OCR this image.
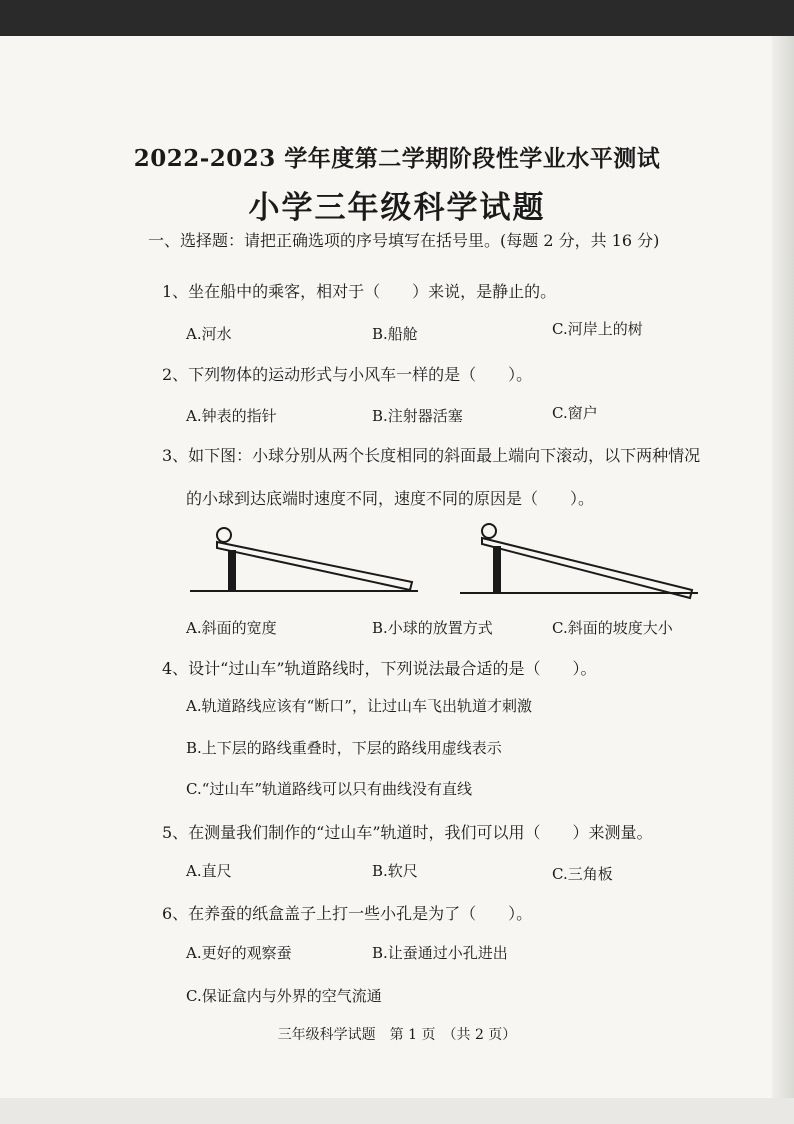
2022-2023 学年度第二学期阶段性学业水平测试
小学三年级科学试题
一、选择题：请把正确选项的序号填写在括号里。(每题 2 分，共 16 分)
1、坐在船中的乘客，相对于（　　）来说，是静止的。
A.河水	B.船舱	C.河岸上的树
2、下列物体的运动形式与小风车一样的是（　　）。
A.钟表的指针	B.注射器活塞	C.窗户
3、如下图：小球分别从两个长度相同的斜面最上端向下滚动，以下两种情况
的小球到达底端时速度不同，速度不同的原因是（　　）。
A.斜面的宽度	B.小球的放置方式	C.斜面的坡度大小
4、设计“过山车”轨道路线时，下列说法最合适的是（　　）。
A.轨道路线应该有“断口”，让过山车飞出轨道才刺激
B.上下层的路线重叠时，下层的路线用虚线表示
C.“过山车”轨道路线可以只有曲线没有直线
5、在测量我们制作的“过山车”轨道时，我们可以用（　　）来测量。
A.直尺	B.软尺	C.三角板
6、在养蚕的纸盒盖子上打一些小孔是为了（　　）。
A.更好的观察蚕	B.让蚕通过小孔进出
C.保证盒内与外界的空气流通
三年级科学试题　第 1 页　（共 2 页）
